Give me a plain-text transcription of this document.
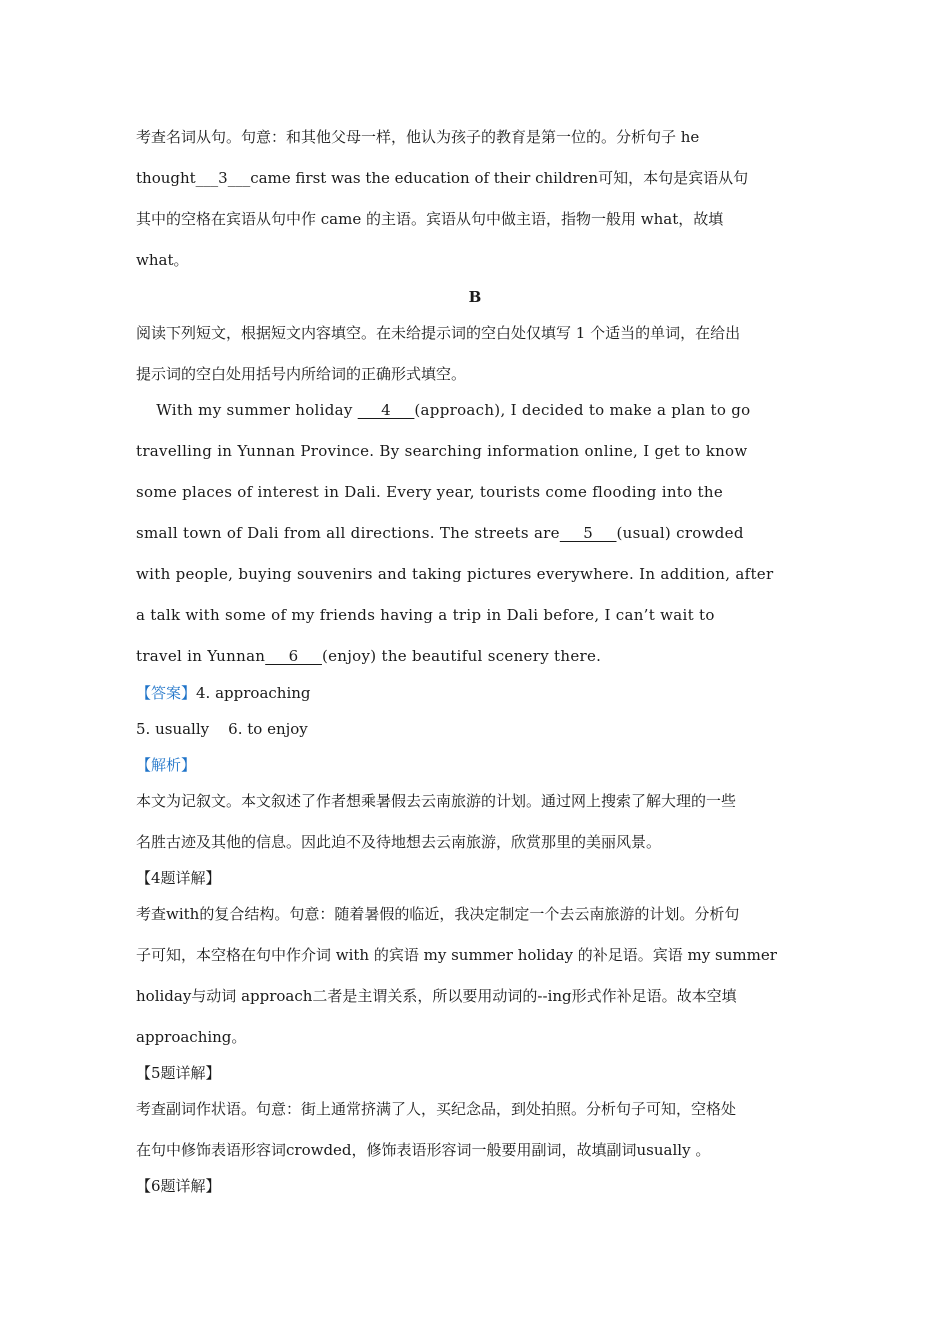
考查名词从句。句意：和其他父母一样，他认为孩子的教育是第一位的。分析句子 he
thought___3___came first was the education of their children可知，本句是宾语从句
其中的空格在宾语从句中作 came 的主语。宾语从句中做主语，指物一般用 what，故填
what。
B
阅读下列短文，根据短文内容填空。在未给提示词的空白处仅填写 1 个适当的单词，在给出
提示词的空白处用括号内所给词的正确形式填空。
With my summer holiday ___4___(approach), I decided to make a plan to go
travelling in Yunnan Province. By searching information online, I get to know
some places of interest in Dali. Every year, tourists come flooding into the
small town of Dali from all directions. The streets are___5___(usual) crowded
with people, buying souvenirs and taking pictures everywhere. In addition, after
a talk with some of my friends having a trip in Dali before, I can’t wait to
travel in Yunnan___6___(enjoy) the beautiful scenery there.
【答案】4. approaching
5. usually    6. to enjoy
【解析】
本文为记叙文。本文叙述了作者想乘暑假去云南旅游的计划。通过网上搜索了解大理的一些
名胜古迹及其他的信息。因此迫不及待地想去云南旅游，欣赏那里的美丽风景。
【4题详解】
考查with的复合结构。句意：随着暑假的临近，我决定制定一个去云南旅游的计划。分析句
子可知，本空格在句中作介词 with 的宾语 my summer holiday 的补足语。宾语 my summer
holiday与动词 approach二者是主谓关系，所以要用动词的--ing形式作补足语。故本空填
approaching。
【5题详解】
考查副词作状语。句意：街上通常挤满了人，买纪念品，到处拍照。分析句子可知，空格处
在句中修饰表语形容词crowded，修饰表语形容词一般要用副词，故填副词usually 。
【6题详解】
